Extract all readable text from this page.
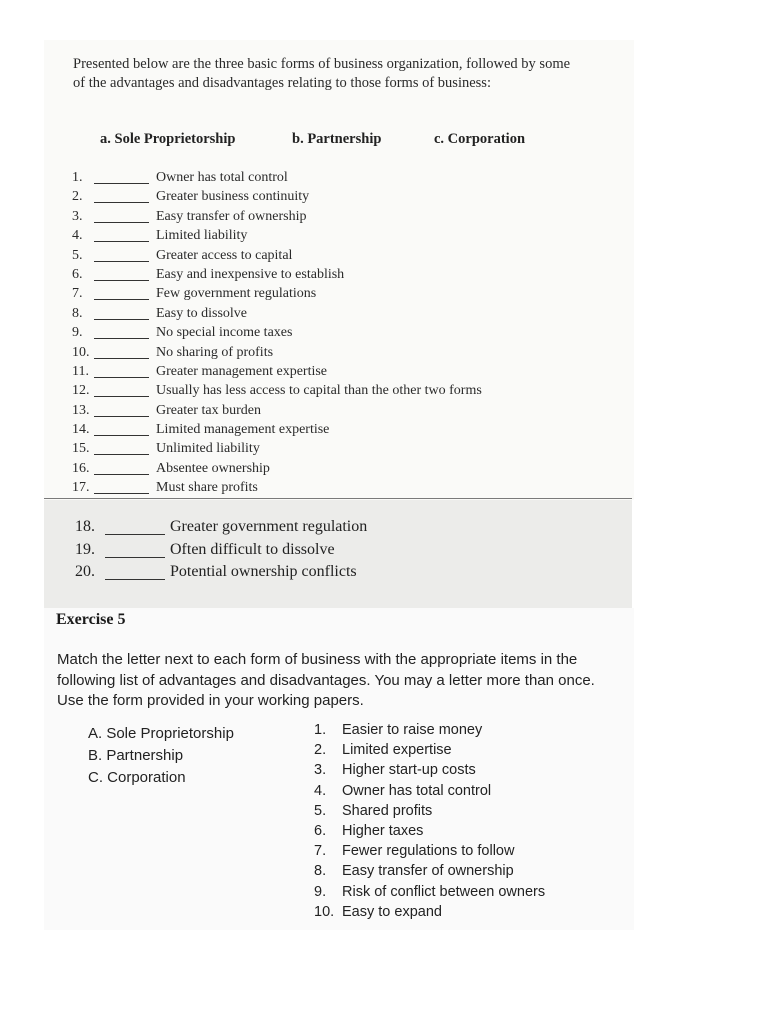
Presented below are the three basic forms of business organization, followed by some of the advantages and disadvantages relating to those forms of business:

a. Sole Proprietorship	b. Partnership	c. Corporation
1.	Owner has total control
2.	Greater business continuity
3.	Easy transfer of ownership
4.	Limited liability
5.	Greater access to capital
6.	Easy and inexpensive to establish
7.	Few government regulations
8.	Easy to dissolve
9.	No special income taxes
10.	No sharing of profits
11.	Greater management expertise
12.	Usually has less access to capital than the other two forms
13.	Greater tax burden
14.	Limited management expertise
15.	Unlimited liability
16.	Absentee ownership
17.	Must share profits
18.	Greater government regulation
19.	Often difficult to dissolve
20.	Potential ownership conflicts
Exercise 5

Match the letter next to each form of business with the appropriate items in the following list of advantages and disadvantages. You may a letter more than once. Use the form provided in your working papers.

A. Sole Proprietorship
B. Partnership
C. Corporation
1.	Easier to raise money
2.	Limited expertise
3.	Higher start-up costs
4.	Owner has total control
5.	Shared profits
6.	Higher taxes
7.	Fewer regulations to follow
8.	Easy transfer of ownership
9.	Risk of conflict between owners
10. Easy to expand
